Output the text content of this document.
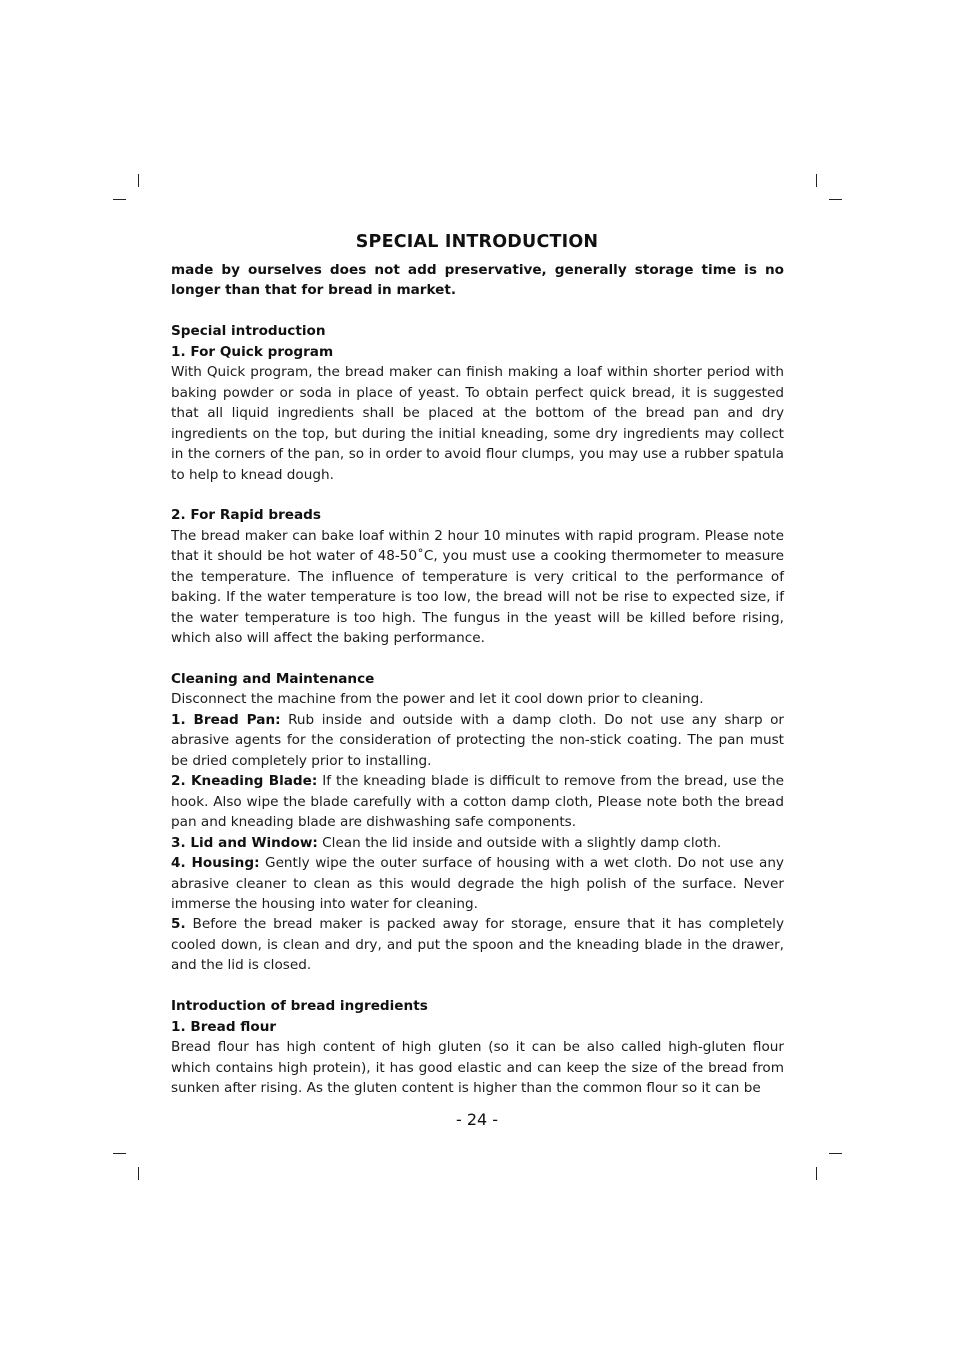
SPECIAL INTRODUCTION

made by ourselves does not add preservative, generally storage time is no longer than that for bread in market.

Special introduction

1. For Quick program

With Quick program, the bread maker can finish making a loaf within shorter period with baking powder or soda in place of yeast. To obtain perfect quick bread, it is suggested that all liquid ingredients shall be placed at the bottom of the bread pan and dry ingredients on the top, but during the initial kneading, some dry ingredients may collect in the corners of the pan, so in order to avoid flour clumps, you may use a rubber spatula to help to knead dough.

2. For Rapid breads

The bread maker can bake loaf within 2 hour 10 minutes with rapid program. Please note that it should be hot water of 48-50˚C, you must use a cooking thermometer to measure the temperature. The influence of temperature is very critical to the performance of baking. If the water temperature is too low, the bread will not be rise to expected size, if the water temperature is too high. The fungus in the yeast will be killed before rising, which also will affect the baking performance.

Cleaning and Maintenance

Disconnect the machine from the power and let it cool down prior to cleaning.

1. Bread Pan: Rub inside and outside with a damp cloth. Do not use any sharp or abrasive agents for the consideration of protecting the non-stick coating. The pan must be dried completely prior to installing.

2. Kneading Blade: If the kneading blade is difficult to remove from the bread, use the hook. Also wipe the blade carefully with a cotton damp cloth, Please note both the bread pan and kneading blade are dishwashing safe components.

3. Lid and Window: Clean the lid inside and outside with a slightly damp cloth.

4. Housing: Gently wipe the outer surface of housing with a wet cloth. Do not use any abrasive cleaner to clean as this would degrade the high polish of the surface. Never immerse the housing into water for cleaning.

5. Before the bread maker is packed away for storage, ensure that it has completely cooled down, is clean and dry, and put the spoon and the kneading blade in the drawer, and the lid is closed.

Introduction of bread ingredients

1. Bread flour

Bread flour has high content of high gluten (so it can be also called high-gluten flour which contains high protein), it has good elastic and can keep the size of the bread from sunken after rising. As the gluten content is higher than the common flour so it can be

- 24 -
